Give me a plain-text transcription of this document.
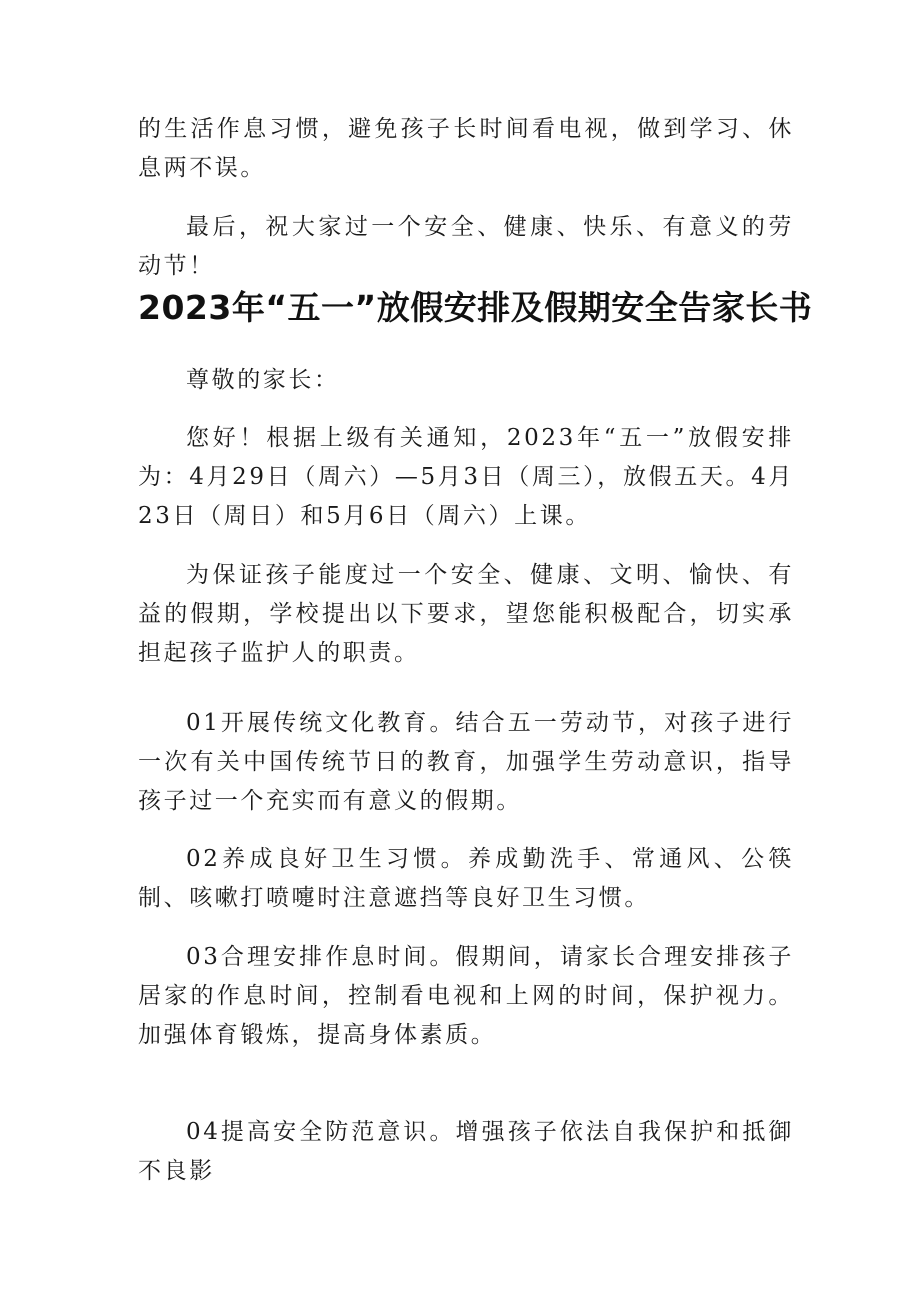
的生活作息习惯，避免孩子长时间看电视，做到学习、休息两不误。

最后，祝大家过一个安全、健康、快乐、有意义的劳动节！

2023年“五一”放假安排及假期安全告家长书

尊敬的家长：

您好！根据上级有关通知，2023年“五一”放假安排为：4月29日（周六）—5月3日（周三），放假五天。4月23日（周日）和5月6日（周六）上课。

为保证孩子能度过一个安全、健康、文明、愉快、有益的假期，学校提出以下要求，望您能积极配合，切实承担起孩子监护人的职责。

01开展传统文化教育。结合五一劳动节，对孩子进行一次有关中国传统节日的教育，加强学生劳动意识，指导孩子过一个充实而有意义的假期。

02养成良好卫生习惯。养成勤洗手、常通风、公筷制、咳嗽打喷嚏时注意遮挡等良好卫生习惯。

03合理安排作息时间。假期间，请家长合理安排孩子居家的作息时间，控制看电视和上网的时间，保护视力。加强体育锻炼，提高身体素质。

04提高安全防范意识。增强孩子依法自我保护和抵御不良影
